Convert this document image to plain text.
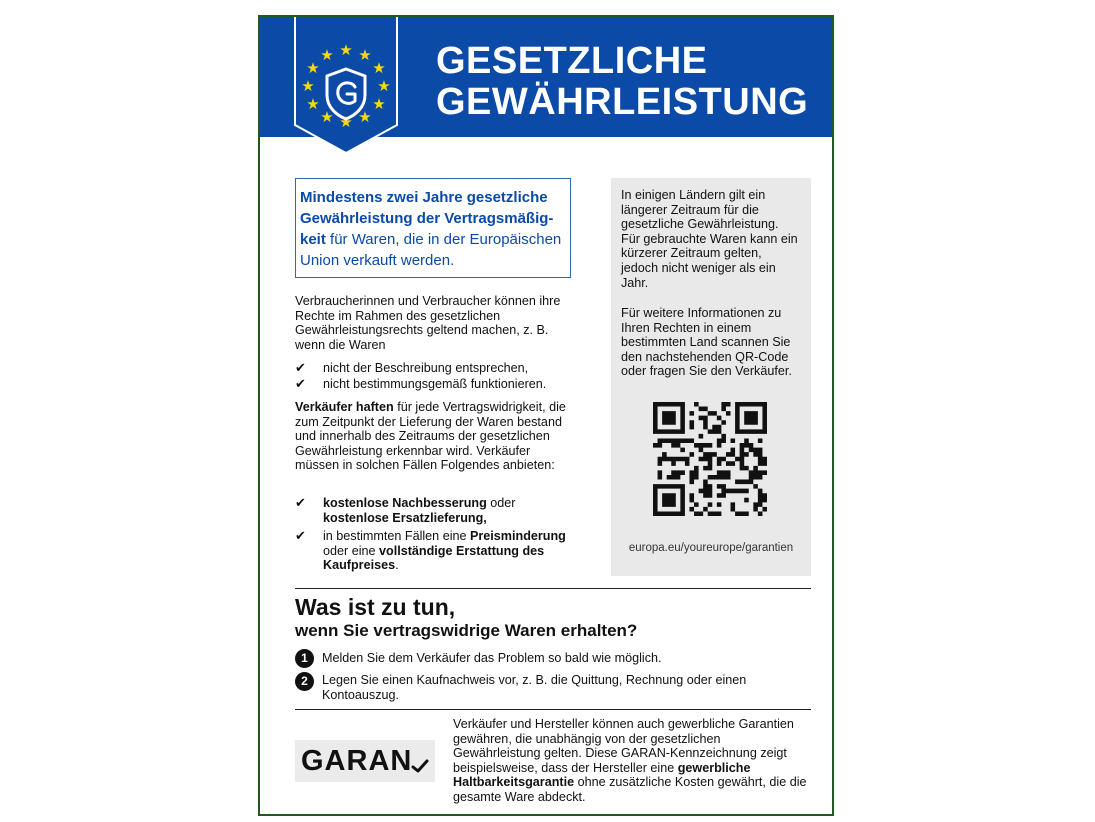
★ ★
★
★
★
★
★
★
★
★
★
★	GESETZLICHE
GEWÄHRLEISTUNG
Mindestens zwei Jahre gesetzliche Gewährleistung der Vertragsmäßigkeit für Waren, die in der Europäischen Union verkauft werden.
Verbraucherinnen und Verbraucher können ihre Rechte im Rahmen des gesetzlichen Gewährleistungsrechts geltend machen, z. B. wenn die Waren
✔	nicht der Beschreibung entsprechen,
✔	nicht bestimmungsgemäß funktionieren.
Verkäufer haften für jede Vertragswidrigkeit, die zum Zeitpunkt der Lieferung der Waren bestand und innerhalb des Zeitraums der gesetzlichen Gewährleistung erkennbar wird. Verkäufer müssen in solchen Fällen Folgendes anbieten:
✔	kostenlose Nachbesserung oder
kostenlose Ersatzlieferung,
✔	in bestimmten Fällen eine Preisminderung
oder eine vollständige Erstattung des Kaufpreises.
In einigen Ländern gilt ein längerer Zeitraum für die gesetzliche Gewährleistung. Für gebrauchte Waren kann ein kürzerer Zeitraum gelten, jedoch nicht weniger als ein Jahr.
Für weitere Informationen zu Ihren Rechten in einem bestimmten Land scannen Sie den nachstehenden QR-Code oder fragen Sie den Verkäufer.
europa.eu/youreurope/garantien
Was ist zu tun,
wenn Sie vertragswidrige Waren erhalten?
1	Melden Sie dem Verkäufer das Problem so bald wie möglich.
2	Legen Sie einen Kaufnachweis vor, z. B. die Quittung, Rechnung oder einen Kontoauszug.
GARAN
Verkäufer und Hersteller können auch gewerbliche Garantien gewähren, die unabhängig von der gesetzlichen Gewährleistung gelten. Diese GARAN-Kennzeichnung zeigt beispielsweise, dass der Hersteller eine gewerbliche Haltbarkeitsgarantie ohne zusätzliche Kosten gewährt, die die gesamte Ware abdeckt.
